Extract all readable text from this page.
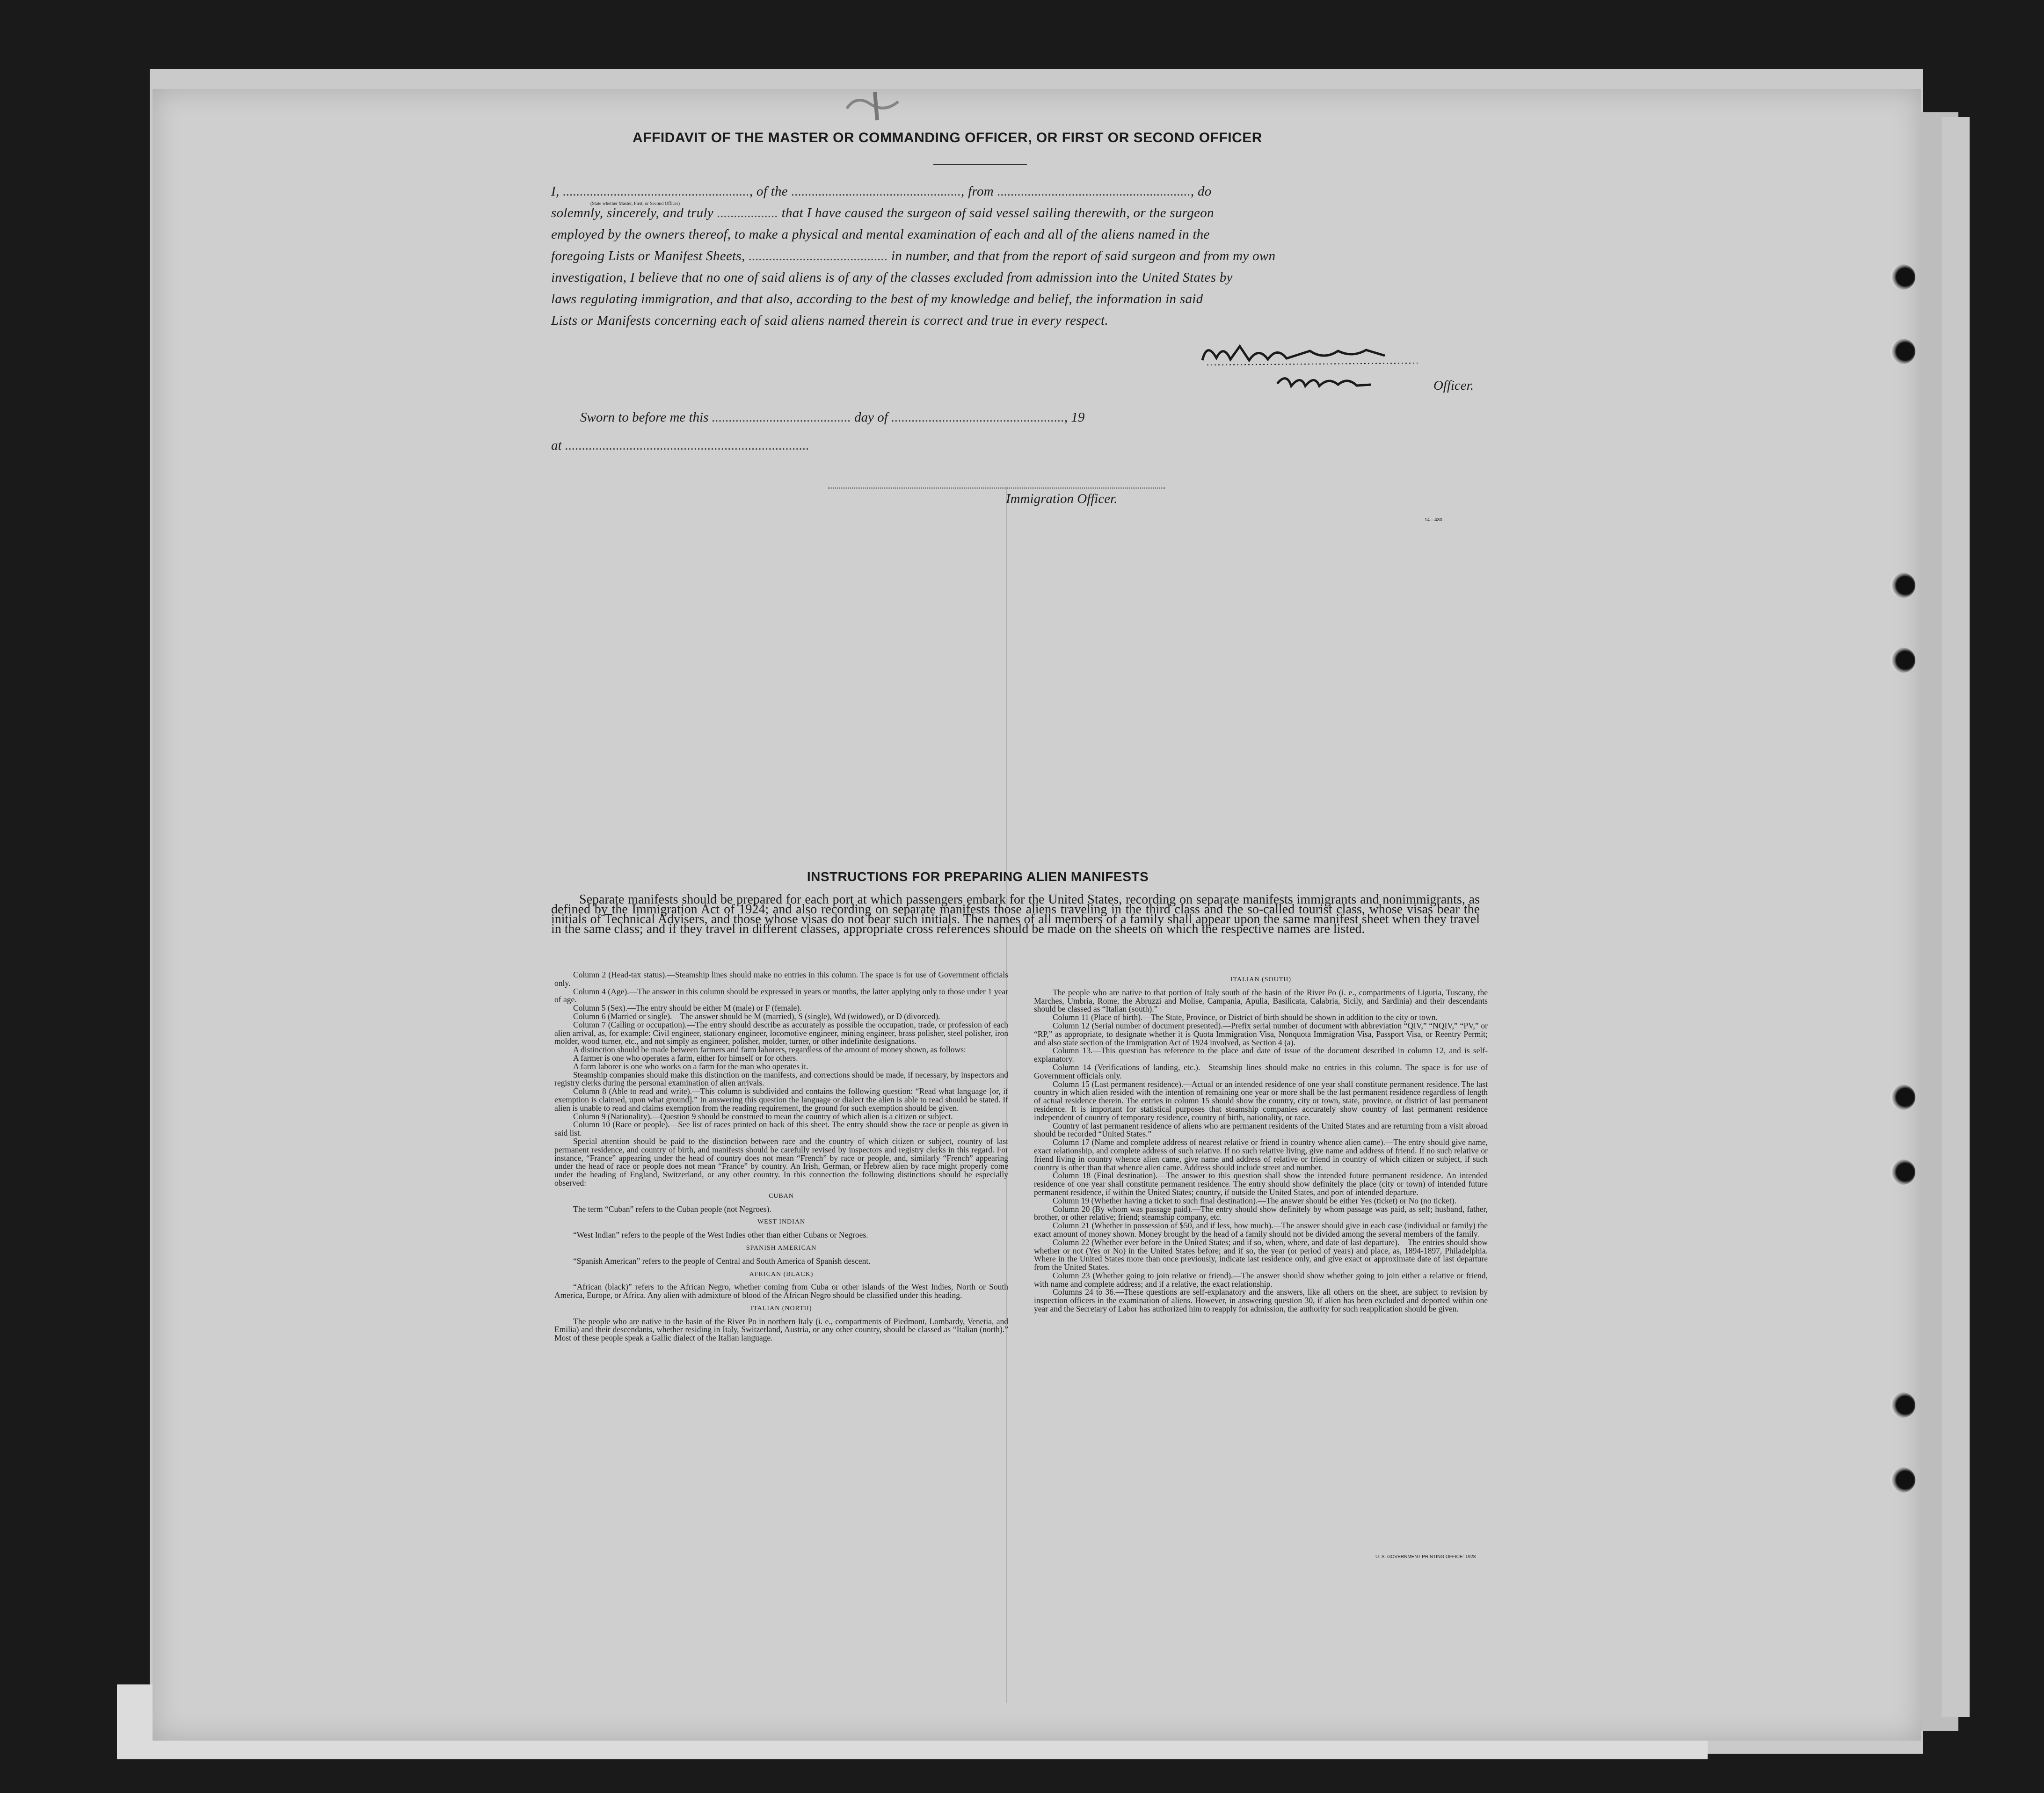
AFFIDAVIT OF THE MASTER OR COMMANDING OFFICER, OR FIRST OR SECOND OFFICER
I, ......................................................., of the .................................................., from ........................................................., do
solemnly, sincerely, and truly .................. that I have caused the surgeon of said vessel sailing therewith, or the surgeon
employed by the owners thereof, to make a physical and mental examination of each and all of the aliens named in the
foregoing Lists or Manifest Sheets, ......................................... in number, and that from the report of said surgeon and from my own
investigation, I believe that no one of said aliens is of any of the classes excluded from admission into the United States by
laws regulating immigration, and that also, according to the best of my knowledge and belief, the information in said
Lists or Manifests concerning each of said aliens named therein is correct and true in every respect.
(State whether Master, First, or Second Officer)
Officer.
Sworn to before me this ......................................... day of ..................................................., 19
at ........................................................................
Immigration Officer.
14—430
INSTRUCTIONS FOR PREPARING ALIEN MANIFESTS
Separate manifests should be prepared for each port at which passengers embark for the United States, recording on separate manifests immigrants and nonimmigrants, as defined by the Immigration Act of 1924; and also recording on separate manifests those aliens traveling in the third class and the so-called tourist class, whose visas bear the initials of Technical Advisers, and those whose visas do not bear such initials. The names of all members of a family shall appear upon the same manifest sheet when they travel in the same class; and if they travel in different classes, appropriate cross references should be made on the sheets on which the respective names are listed.

Column 2 (Head-tax status).—Steamship lines should make no entries in this column. The space is for use of Government officials only.

Column 4 (Age).—The answer in this column should be expressed in years or months, the latter applying only to those under 1 year of age.

Column 5 (Sex).—The entry should be either M (male) or F (female).

Column 6 (Married or single).—The answer should be M (married), S (single), Wd (widowed), or D (divorced).

Column 7 (Calling or occupation).—The entry should describe as accurately as possible the occupation, trade, or profession of each alien arrival, as, for example: Civil engineer, stationary engineer, locomotive engineer, mining engineer, brass polisher, steel polisher, iron molder, wood turner, etc., and not simply as engineer, polisher, molder, turner, or other indefinite designations.

A distinction should be made between farmers and farm laborers, regardless of the amount of money shown, as follows:

A farmer is one who operates a farm, either for himself or for others.

A farm laborer is one who works on a farm for the man who operates it.

Steamship companies should make this distinction on the manifests, and corrections should be made, if necessary, by inspectors and registry clerks during the personal examination of alien arrivals.

Column 8 (Able to read and write).—This column is subdivided and contains the following question: “Read what language [or, if exemption is claimed, upon what ground].” In answering this question the language or dialect the alien is able to read should be stated. If alien is unable to read and claims exemption from the reading requirement, the ground for such exemption should be given.

Column 9 (Nationality).—Question 9 should be construed to mean the country of which alien is a citizen or subject.

Column 10 (Race or people).—See list of races printed on back of this sheet. The entry should show the race or people as given in said list.

Special attention should be paid to the distinction between race and the country of which citizen or subject, country of last permanent residence, and country of birth, and manifests should be carefully revised by inspectors and registry clerks in this regard. For instance, “France” appearing under the head of country does not mean “French” by race or people, and, similarly “French” appearing under the head of race or people does not mean “France” by country. An Irish, German, or Hebrew alien by race might properly come under the heading of England, Switzerland, or any other country. In this connection the following distinctions should be especially observed:

CUBAN

The term “Cuban” refers to the Cuban people (not Negroes).

WEST INDIAN

“West Indian” refers to the people of the West Indies other than either Cubans or Negroes.

SPANISH AMERICAN

“Spanish American” refers to the people of Central and South America of Spanish descent.

AFRICAN (BLACK)

“African (black)” refers to the African Negro, whether coming from Cuba or other islands of the West Indies, North or South America, Europe, or Africa. Any alien with admixture of blood of the African Negro should be classified under this heading.

ITALIAN (NORTH)

The people who are native to the basin of the River Po in northern Italy (i. e., compartments of Piedmont, Lombardy, Venetia, and Emilia) and their descendants, whether residing in Italy, Switzerland, Austria, or any other country, should be classed as “Italian (north).” Most of these people speak a Gallic dialect of the Italian language.

ITALIAN (SOUTH)

The people who are native to that portion of Italy south of the basin of the River Po (i. e., compartments of Liguria, Tuscany, the Marches, Umbria, Rome, the Abruzzi and Molise, Campania, Apulia, Basilicata, Calabria, Sicily, and Sardinia) and their descendants should be classed as “Italian (south).”

Column 11 (Place of birth).—The State, Province, or District of birth should be shown in addition to the city or town.

Column 12 (Serial number of document presented).—Prefix serial number of document with abbreviation “QIV,” “NQIV,” “PV,” or “RP,” as appropriate, to designate whether it is Quota Immigration Visa, Nonquota Immigration Visa, Passport Visa, or Reentry Permit; and also state section of the Immigration Act of 1924 involved, as Section 4 (a).

Column 13.—This question has reference to the place and date of issue of the document described in column 12, and is self-explanatory.

Column 14 (Verifications of landing, etc.).—Steamship lines should make no entries in this column. The space is for use of Government officials only.

Column 15 (Last permanent residence).—Actual or an intended residence of one year shall constitute permanent residence. The last country in which alien resided with the intention of remaining one year or more shall be the last permanent residence regardless of length of actual residence therein. The entries in column 15 should show the country, city or town, state, province, or district of last permanent residence. It is important for statistical purposes that steamship companies accurately show country of last permanent residence independent of country of temporary residence, country of birth, nationality, or race.

Country of last permanent residence of aliens who are permanent residents of the United States and are returning from a visit abroad should be recorded “United States.”

Column 17 (Name and complete address of nearest relative or friend in country whence alien came).—The entry should give name, exact relationship, and complete address of such relative. If no such relative living, give name and address of friend. If no such relative or friend living in country whence alien came, give name and address of relative or friend in country of which citizen or subject, if such country is other than that whence alien came. Address should include street and number.

Column 18 (Final destination).—The answer to this question shall show the intended future permanent residence. An intended residence of one year shall constitute permanent residence. The entry should show definitely the place (city or town) of intended future permanent residence, if within the United States; country, if outside the United States, and port of intended departure.

Column 19 (Whether having a ticket to such final destination).—The answer should be either Yes (ticket) or No (no ticket).

Column 20 (By whom was passage paid).—The entry should show definitely by whom passage was paid, as self; husband, father, brother, or other relative; friend; steamship company, etc.

Column 21 (Whether in possession of $50, and if less, how much).—The answer should give in each case (individual or family) the exact amount of money shown. Money brought by the head of a family should not be divided among the several members of the family.

Column 22 (Whether ever before in the United States; and if so, when, where, and date of last departure).—The entries should show whether or not (Yes or No) in the United States before; and if so, the year (or period of years) and place, as, 1894-1897, Philadelphia. Where in the United States more than once previously, indicate last residence only, and give exact or approximate date of last departure from the United States.

Column 23 (Whether going to join relative or friend).—The answer should show whether going to join either a relative or friend, with name and complete address; and if a relative, the exact relationship.

Columns 24 to 36.—These questions are self-explanatory and the answers, like all others on the sheet, are subject to revision by inspection officers in the examination of aliens. However, in answering question 30, if alien has been excluded and deported within one year and the Secretary of Labor has authorized him to reapply for admission, the authority for such reapplication should be given.

U. S. GOVERNMENT PRINTING OFFICE: 1928
